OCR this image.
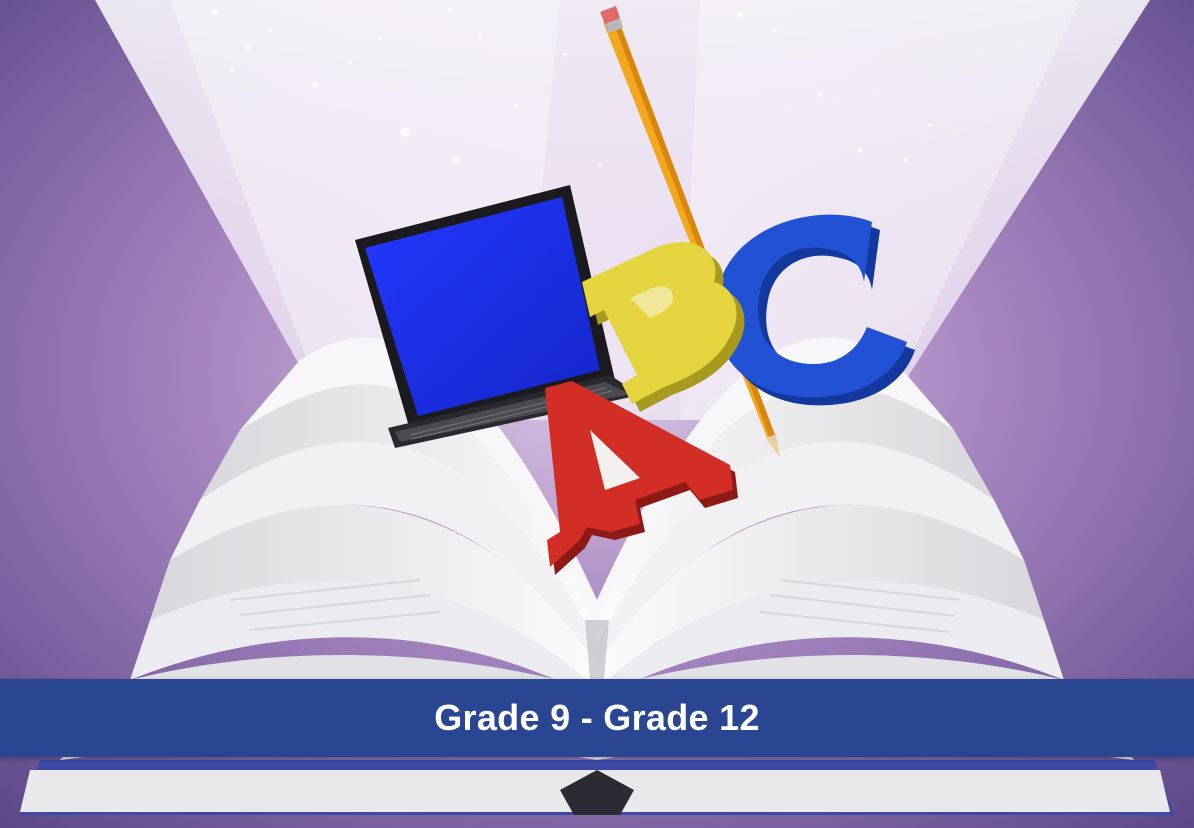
Grade 9 - Grade 12
